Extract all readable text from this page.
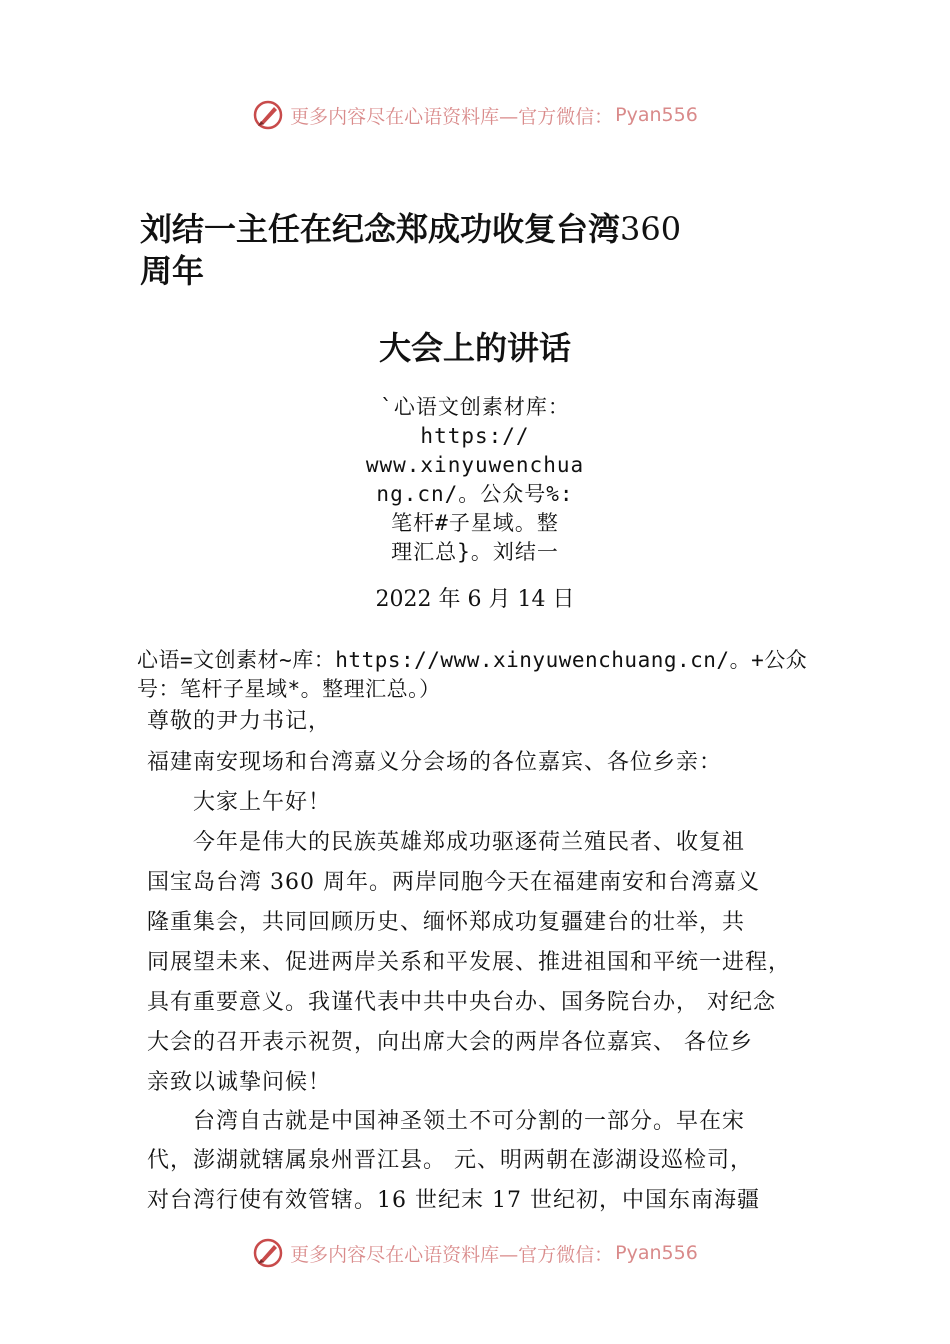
更多内容尽在心语资料库—官方微信： Pyan556
刘结一主任在纪念郑成功收复台湾360
周年
大会上的讲话
`心语文创素材库：
https://
www.xinyuwenchua
ng.cn/。公众号%:
笔杆#子星域。整
理汇总}。刘结一
2022 年 6 月 14 日
心语=文创素材~库：https://www.xinyuwenchuang.cn/。+公众号：笔杆子星域*。整理汇总。）
尊敬的尹力书记，
福建南安现场和台湾嘉义分会场的各位嘉宾、各位乡亲：
　　大家上午好！
　　今年是伟大的民族英雄郑成功驱逐荷兰殖民者、收复祖
国宝岛台湾 360 周年。两岸同胞今天在福建南安和台湾嘉义
隆重集会，共同回顾历史、缅怀郑成功复疆建台的壮举，共
同展望未来、促进两岸关系和平发展、推进祖国和平统一进程，
具有重要意义。我谨代表中共中央台办、国务院台办， 对纪念
大会的召开表示祝贺，向出席大会的两岸各位嘉宾、 各位乡
亲致以诚挚问候！
　　台湾自古就是中国神圣领土不可分割的一部分。早在宋
代，澎湖就辖属泉州晋江县。 元、明两朝在澎湖设巡检司，
对台湾行使有效管辖。16 世纪末 17 世纪初，中国东南海疆
更多内容尽在心语资料库—官方微信： Pyan556
